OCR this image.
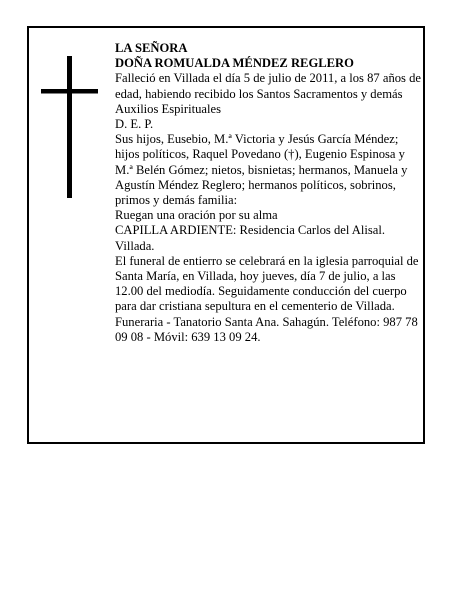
LA SEÑORA

DOÑA ROMUALDA MÉNDEZ REGLERO

Falleció en Villada el día 5 de julio de 2011, a los 87 años de edad, habiendo recibido los Santos Sacramentos y demás Auxilios Espirituales

D. E. P.

Sus hijos, Eusebio, M.ª Victoria y Jesús García Méndez; hijos políticos, Raquel Povedano (†), Eugenio Espinosa y M.ª Belén Gómez; nietos, bisnietas; hermanos, Manuela y Agustín Méndez Reglero; hermanos políticos, sobrinos, primos y demás familia:

Ruegan una oración por su alma

CAPILLA ARDIENTE: Residencia Carlos del Alisal. Villada.

El funeral de entierro se celebrará en la iglesia parroquial de Santa María, en Villada, hoy jueves, día 7 de julio, a las 12.00 del mediodía. Seguidamente conducción del cuerpo para dar cristiana sepultura en el cementerio de Villada.

Funeraria - Tanatorio Santa Ana. Sahagún. Teléfono: 987 78 09 08 - Móvil: 639 13 09 24.
